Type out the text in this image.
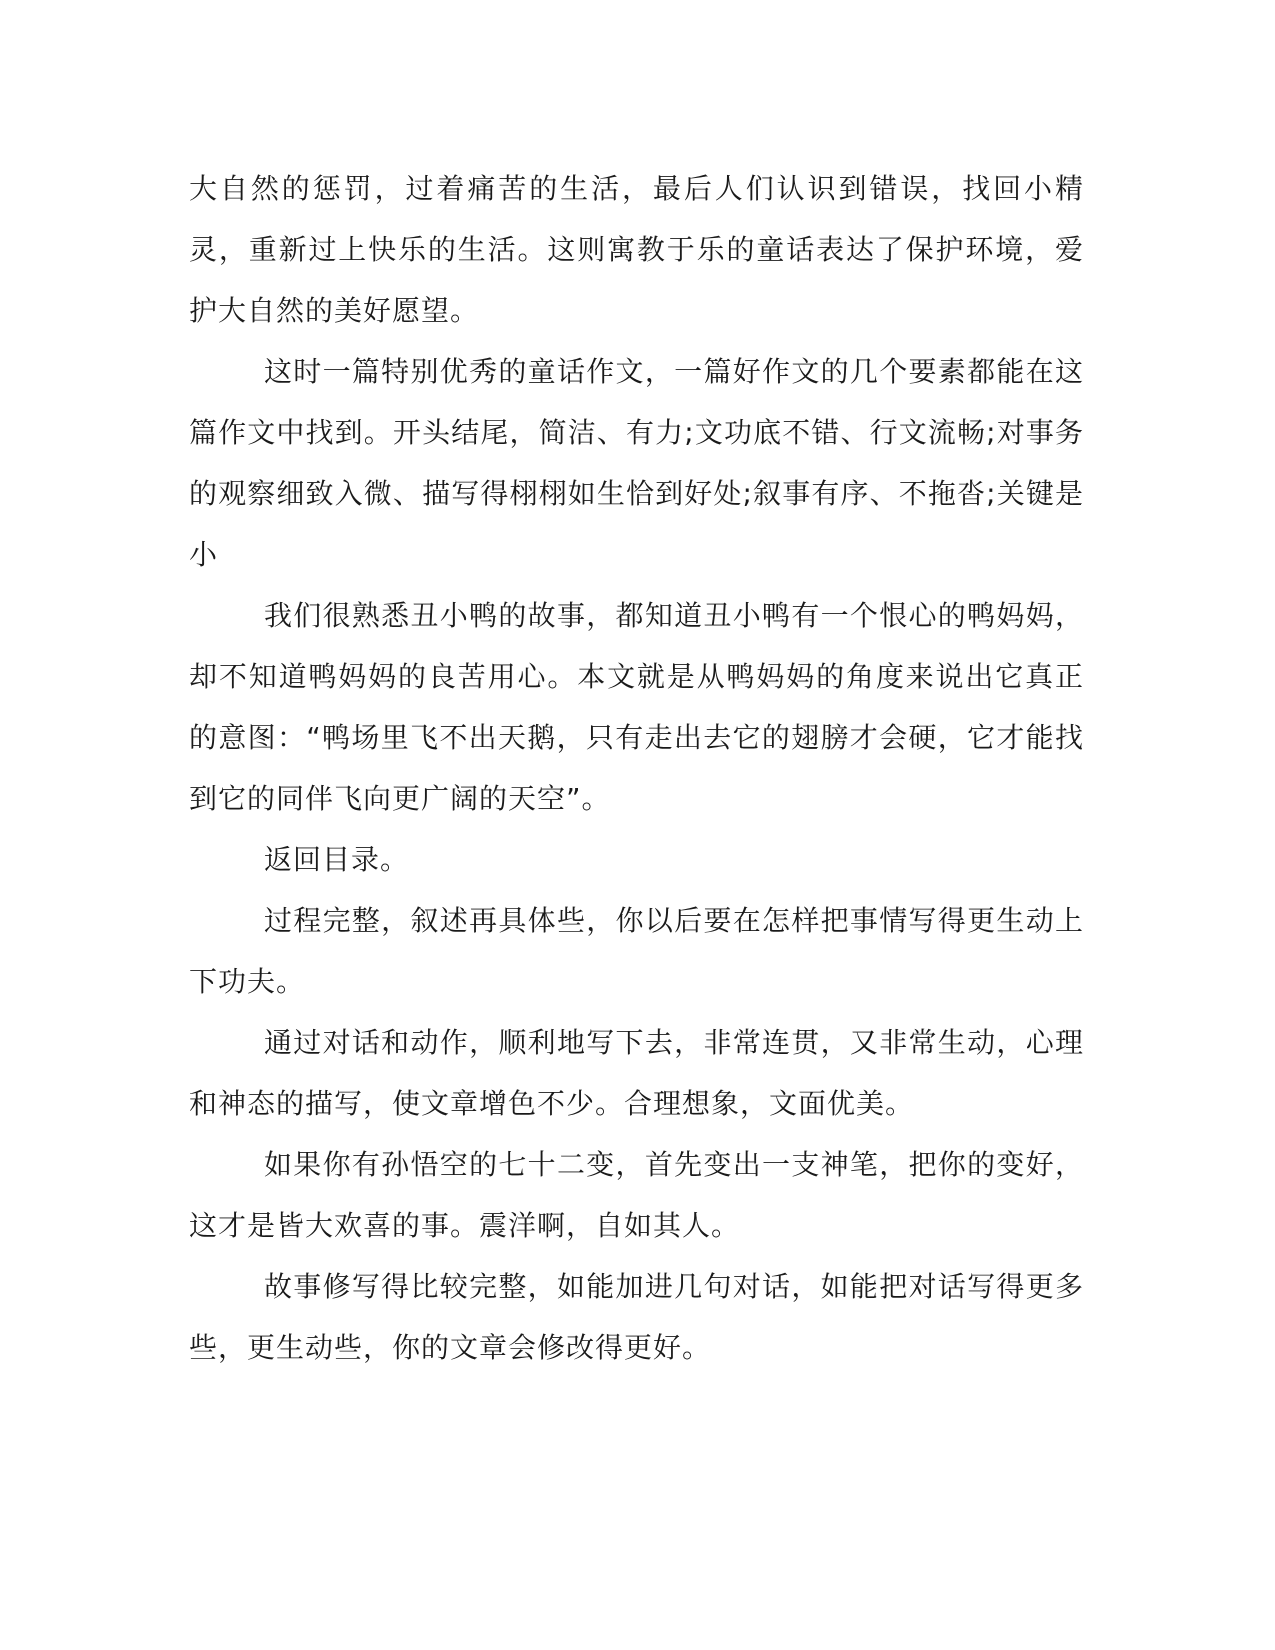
大自然的惩罚，过着痛苦的生活，最后人们认识到错误，找回小精灵，重新过上快乐的生活。这则寓教于乐的童话表达了保护环境，爱护大自然的美好愿望。

这时一篇特别优秀的童话作文，一篇好作文的几个要素都能在这篇作文中找到。开头结尾，简洁、有力;文功底不错、行文流畅;对事务的观察细致入微、描写得栩栩如生恰到好处;叙事有序、不拖沓;关键是小

我们很熟悉丑小鸭的故事，都知道丑小鸭有一个恨心的鸭妈妈，却不知道鸭妈妈的良苦用心。本文就是从鸭妈妈的角度来说出它真正的意图：“鸭场里飞不出天鹅，只有走出去它的翅膀才会硬，它才能找到它的同伴飞向更广阔的天空”。

返回目录。

过程完整，叙述再具体些，你以后要在怎样把事情写得更生动上下功夫。

通过对话和动作，顺利地写下去，非常连贯，又非常生动，心理和神态的描写，使文章增色不少。合理想象，文面优美。

如果你有孙悟空的七十二变，首先变出一支神笔，把你的变好，这才是皆大欢喜的事。震洋啊，自如其人。

故事修写得比较完整，如能加进几句对话，如能把对话写得更多些，更生动些，你的文章会修改得更好。
